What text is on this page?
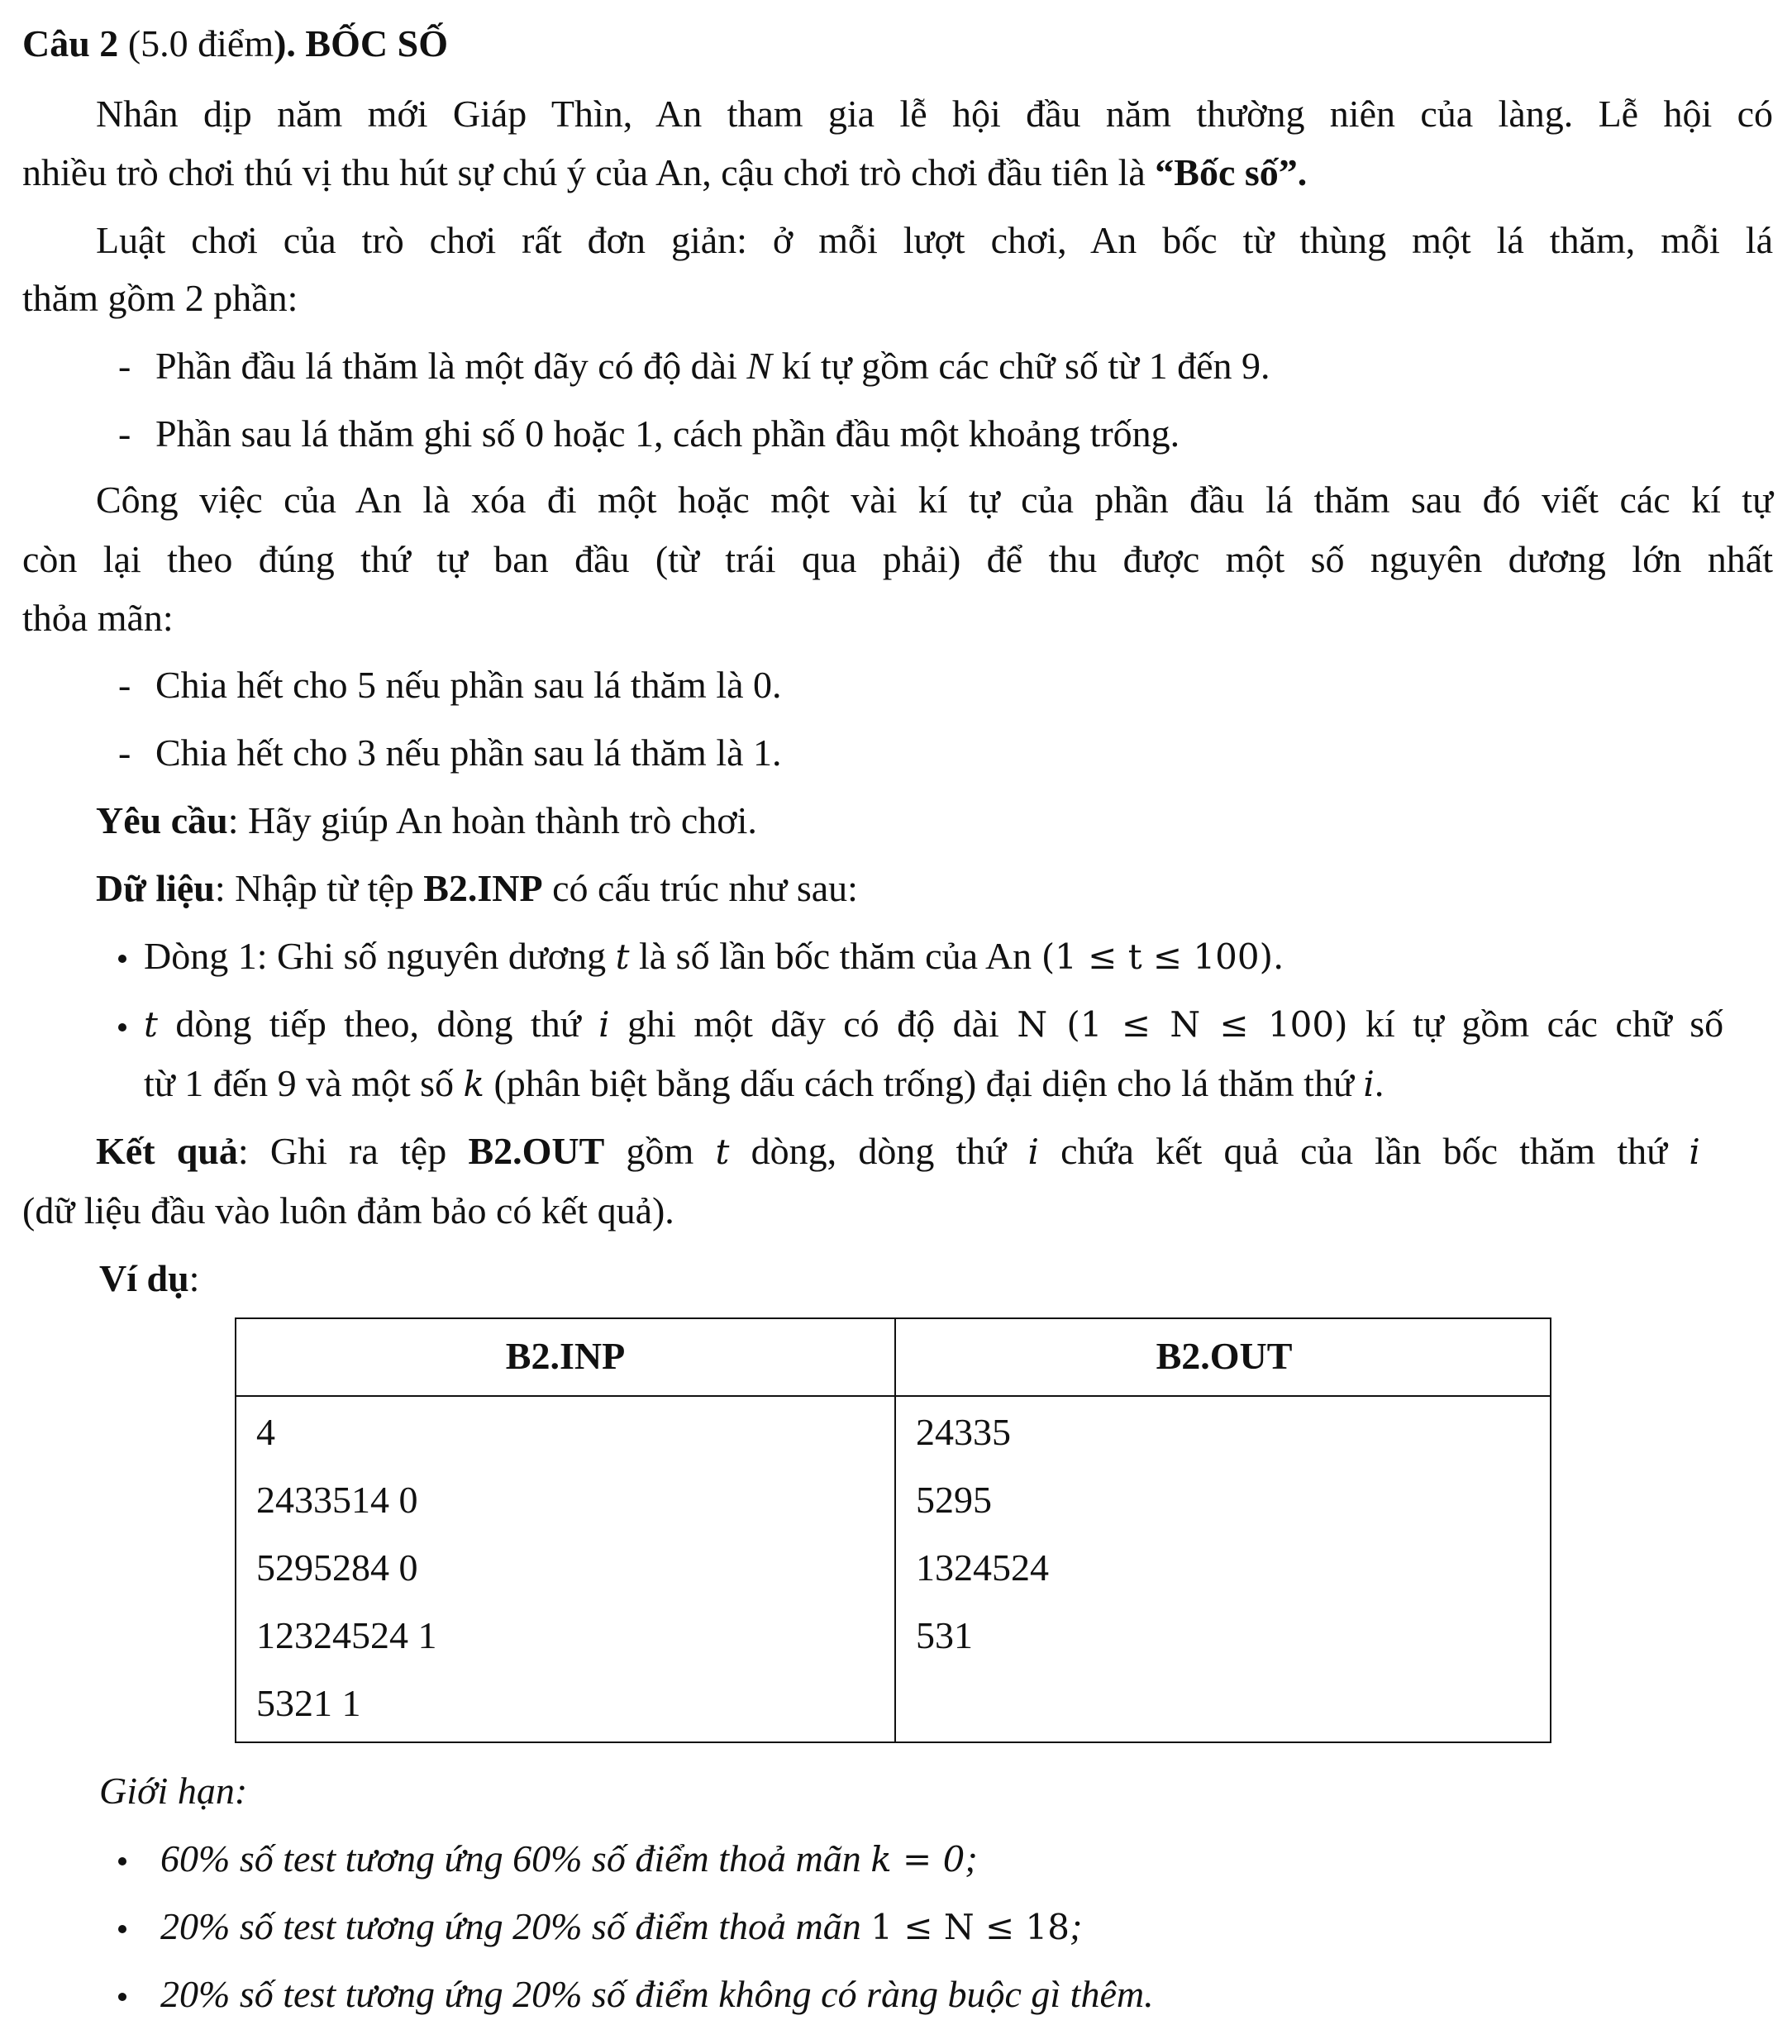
Câu 2 (5.0 điểm). BỐC SỐ
Nhân dịp năm mới Giáp Thìn, An tham gia lễ hội đầu năm thường niên của làng. Lễ hội có
nhiều trò chơi thú vị thu hút sự chú ý của An, cậu chơi trò chơi đầu tiên là “Bốc số”.
Luật chơi của trò chơi rất đơn giản: ở mỗi lượt chơi, An bốc từ thùng một lá thăm, mỗi lá
thăm gồm 2 phần:
- Phần đầu lá thăm là một dãy có độ dài N kí tự gồm các chữ số từ 1 đến 9.
- Phần sau lá thăm ghi số 0 hoặc 1, cách phần đầu một khoảng trống.
Công việc của An là xóa đi một hoặc một vài kí tự của phần đầu lá thăm sau đó viết các kí tự
còn lại theo đúng thứ tự ban đầu (từ trái qua phải) để thu được một số nguyên dương lớn nhất
thỏa mãn:
- Chia hết cho 5 nếu phần sau lá thăm là 0.
- Chia hết cho 3 nếu phần sau lá thăm là 1.
Yêu cầu: Hãy giúp An hoàn thành trò chơi.
Dữ liệu: Nhập từ tệp B2.INP có cấu trúc như sau:
Dòng 1: Ghi số nguyên dương t là số lần bốc thăm của An (1 ≤ t ≤ 100).
t dòng tiếp theo, dòng thứ i ghi một dãy có độ dài N (1 ≤ N ≤ 100) kí tự gồm các chữ số
từ 1 đến 9 và một số k (phân biệt bằng dấu cách trống) đại diện cho lá thăm thứ i.
Kết quả: Ghi ra tệp B2.OUT gồm t dòng, dòng thứ i chứa kết quả của lần bốc thăm thứ i
(dữ liệu đầu vào luôn đảm bảo có kết quả).
Ví dụ:
B2.INP	B2.OUT
4
2433514 0
5295284 0
12324524 1
5321 1
24335
5295
1324524
531
Giới hạn:
60% số test tương ứng 60% số điểm thoả mãn k = 0;
20% số test tương ứng 20% số điểm thoả mãn 1 ≤ N ≤ 18;
20% số test tương ứng 20% số điểm không có ràng buộc gì thêm.
